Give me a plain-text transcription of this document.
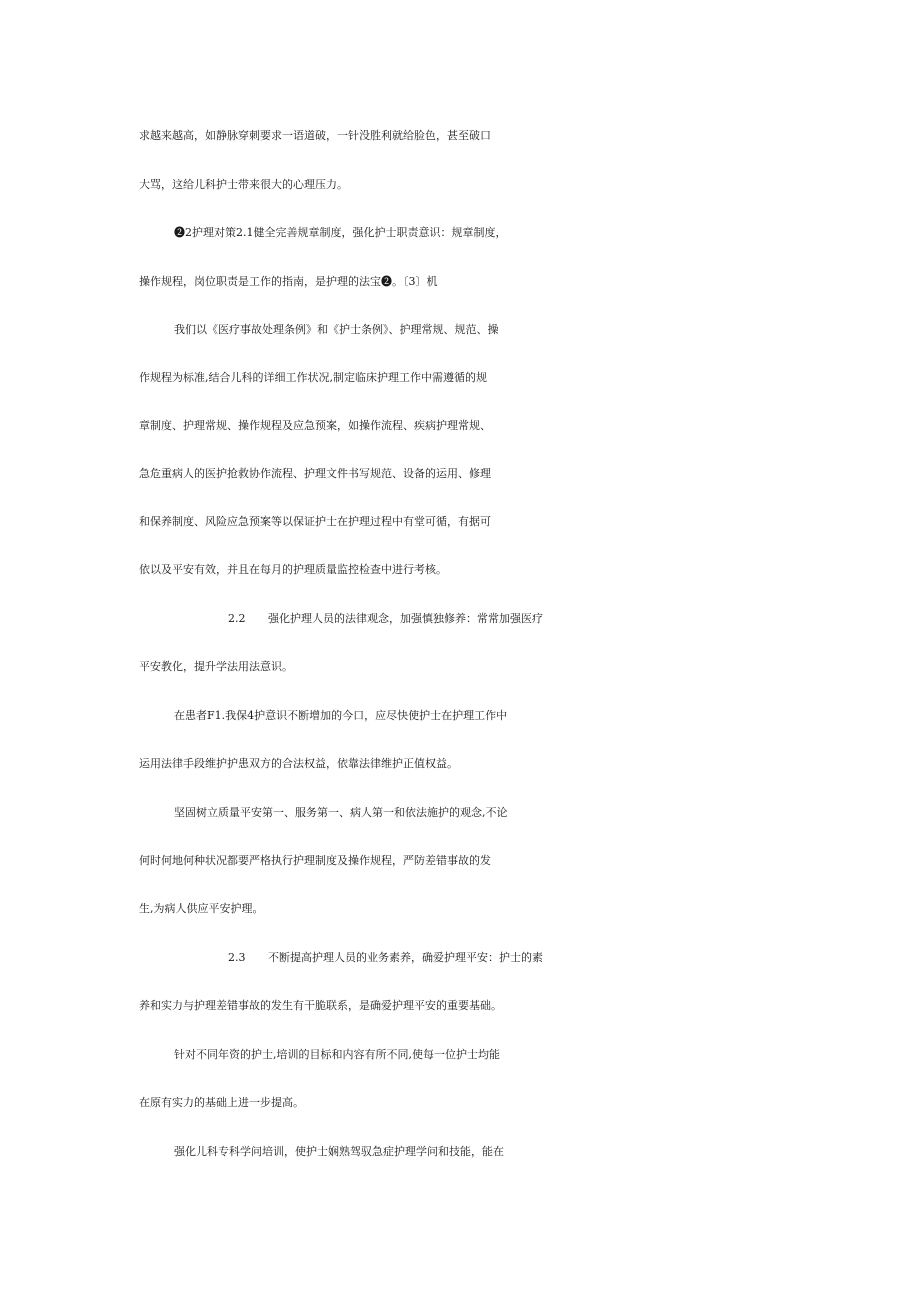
求越来越高，如静脉穿刺要求一语道破，一针没胜利就给脸色，甚至破口
大骂，这给儿科护士带来很大的心理压力。
❷2护理对策2.1健全完善规章制度，强化护士职责意识：规章制度，
操作规程，岗位职责是工作的指南，是护理的法宝❷。〔3〕机
我们以《医疗事故处理条例》和《护士条例》、护理常规、规范、操
作规程为标准,结合儿科的详细工作状况,制定临床护理工作中需遵循的规
章制度、护理常规、操作规程及应急预案，如操作流程、疾病护理常规、
急危重病人的医护抢救协作流程、护理文件书写规范、设备的运用、修理
和保养制度、风险应急预案等以保证护士在护理过程中有堂可循，有据可
依以及平安有效，并且在每月的护理质量监控检查中进行考核。
2.2 强化护理人员的法律观念，加强慎独修养：常常加强医疗
平安教化，提升学法用法意识。
在患者F1.我保4护意识不断增加的今口，应尽快使护士在护理工作中
运用法律手段维护护患双方的合法权益，依靠法律维护正值权益。
坚固树立质量平安第一、服务第一、病人第一和依法施护的观念,不论
何时何地何种状况都要严格执行护理制度及操作规程，严防差错事故的发
生,为病人供应平安护理。
2.3 不断提高护理人员的业务素养，确爱护理平安：护士的素
养和实力与护理差错事故的发生有干脆联系，是确爱护理平安的重要基础。
针对不同年资的护士,培训的目标和内容有所不同,使每一位护士均能
在原有实力的基础上进一步提高。
强化儿科专科学问培训，使护士娴熟驾驭急症护理学问和技能，能在
